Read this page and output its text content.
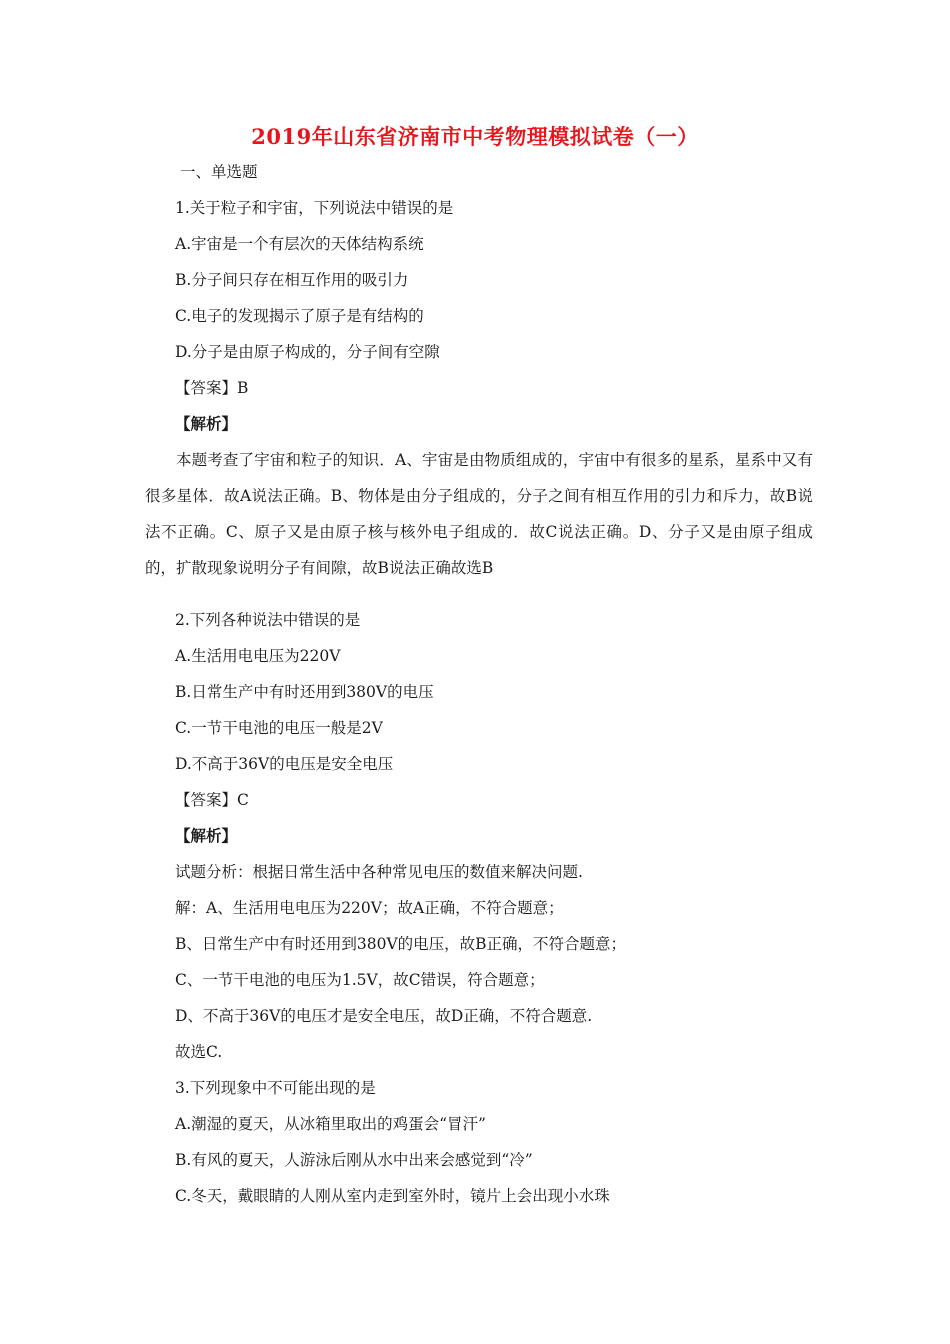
2019年山东省济南市中考物理模拟试卷（一）
一、单选题
1.关于粒子和宇宙，下列说法中错误的是
A.宇宙是一个有层次的天体结构系统
B.分子间只存在相互作用的吸引力
C.电子的发现揭示了原子是有结构的
D.分子是由原子构成的，分子间有空隙
【答案】B
【解析】
本题考查了宇宙和粒子的知识．A、宇宙是由物质组成的，宇宙中有很多的星系，星系中又有很多星体．故A说法正确。B、物体是由分子组成的，分子之间有相互作用的引力和斥力，故B说法不正确。C、原子又是由原子核与核外电子组成的．故C说法正确。D、分子又是由原子组成的，扩散现象说明分子有间隙，故B说法正确故选B
2.下列各种说法中错误的是
A.生活用电电压为220V
B.日常生产中有时还用到380V的电压
C.一节干电池的电压一般是2V
D.不高于36V的电压是安全电压
【答案】C
【解析】
试题分析：根据日常生活中各种常见电压的数值来解决问题.
解：A、生活用电电压为220V；故A正确，不符合题意；
B、日常生产中有时还用到380V的电压，故B正确，不符合题意；
C、一节干电池的电压为1.5V，故C错误，符合题意；
D、不高于36V的电压才是安全电压，故D正确，不符合题意.
故选C.
3.下列现象中不可能出现的是
A.潮湿的夏天，从冰箱里取出的鸡蛋会“冒汗”
B.有风的夏天，人游泳后刚从水中出来会感觉到“冷”
C.冬天，戴眼睛的人刚从室内走到室外时，镜片上会出现小水珠
